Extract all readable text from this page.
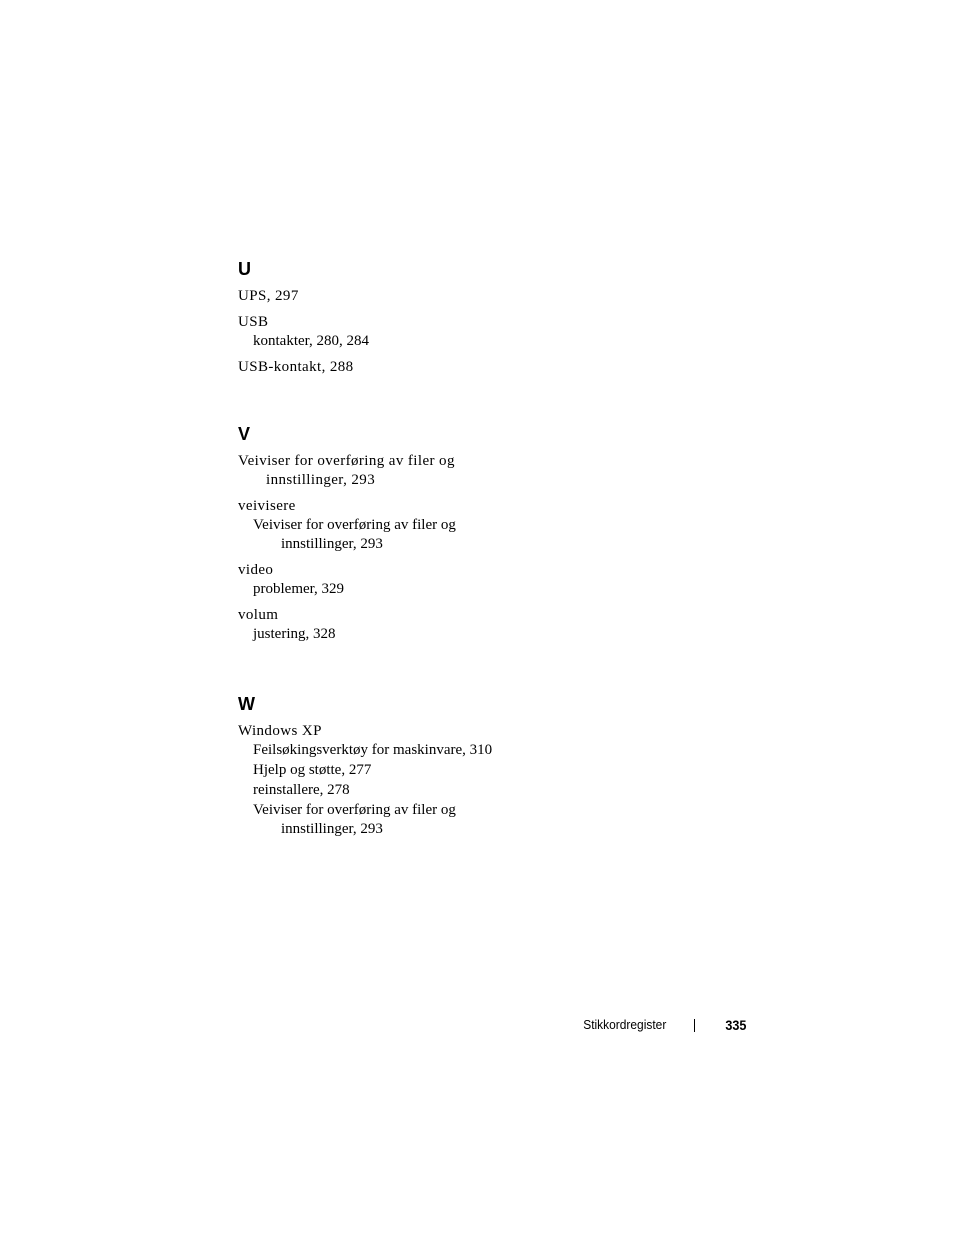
U
UPS, 297
USB
kontakter, 280, 284
USB-kontakt, 288
V
Veiviser for overføring av filer og innstillinger, 293
veivisere
Veiviser for overføring av filer og innstillinger, 293
video
problemer, 329
volum
justering, 328
W
Windows XP
Feilsøkingsverktøy for maskinvare, 310
Hjelp og støtte, 277
reinstallere, 278
Veiviser for overføring av filer og innstillinger, 293
Stikkordregister	335
